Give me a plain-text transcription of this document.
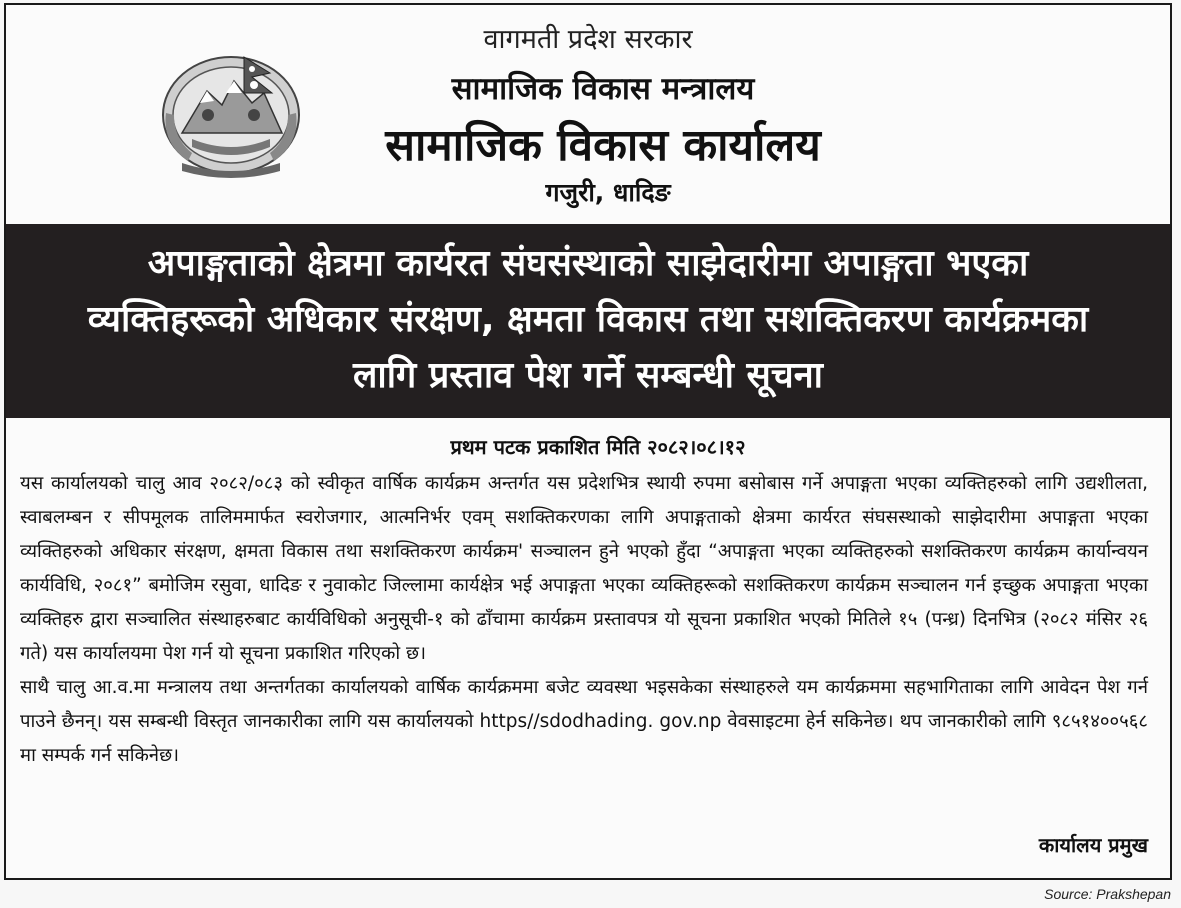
वागमती प्रदेश सरकार
सामाजिक विकास मन्त्रालय
सामाजिक विकास कार्यालय
गजुरी, धादिङ
अपाङ्गताको क्षेत्रमा कार्यरत संघसंस्थाको साझेदारीमा अपाङ्गता भएका
व्यक्तिहरूको अधिकार संरक्षण, क्षमता विकास तथा सशक्तिकरण कार्यक्रमका
लागि प्रस्ताव पेश गर्ने सम्बन्धी सूचना
प्रथम पटक प्रकाशित मिति २०८२।०८।१२

यस कार्यालयको चालु आव २०८२/०८३ को स्वीकृत वार्षिक कार्यक्रम अन्तर्गत यस प्रदेशभित्र स्थायी रुपमा बसोबास गर्ने अपाङ्गता भएका व्यक्तिहरुको लागि उद्यशीलता, स्वाबलम्बन र सीपमूलक तालिममार्फत स्वरोजगार, आत्मनिर्भर एवम् सशक्तिकरणका लागि अपाङ्गताको क्षेत्रमा कार्यरत संघसस्थाको साझेदारीमा अपाङ्गता भएका व्यक्तिहरुको अधिकार संरक्षण, क्षमता विकास तथा सशक्तिकरण कार्यक्रम' सञ्चालन हुने भएको हुँदा “अपाङ्गता भएका व्यक्तिहरुको सशक्तिकरण कार्यक्रम कार्यान्वयन कार्यविधि, २०८१” बमोजिम रसुवा, धादिङ र नुवाकोट जिल्लामा कार्यक्षेत्र भई अपाङ्गता भएका व्यक्तिहरूको सशक्तिकरण कार्यक्रम सञ्चालन गर्न इच्छुक अपाङ्गता भएका व्यक्तिहरु द्वारा सञ्चालित संस्थाहरुबाट कार्यविधिको अनुसूची-१ को ढाँचामा कार्यक्रम प्रस्तावपत्र यो सूचना प्रकाशित भएको मितिले १५ (पन्ध्र) दिनभित्र (२०८२ मंसिर २६ गते) यस कार्यालयमा पेश गर्न यो सूचना प्रकाशित गरिएको छ।

साथै चालु आ.व.मा मन्त्रालय तथा अन्तर्गतका कार्यालयको वार्षिक कार्यक्रममा बजेट व्यवस्था भइसकेका संस्थाहरुले यम कार्यक्रममा सहभागिताका लागि आवेदन पेश गर्न पाउने छैनन्। यस सम्बन्धी विस्तृत जानकारीका लागि यस कार्यालयको https//sdodhading. gov.np वेवसाइटमा हेर्न सकिनेछ। थप जानकारीको लागि ९८५१४००५६८ मा सम्पर्क गर्न सकिनेछ।

कार्यालय प्रमुख
Source: Prakshepan
